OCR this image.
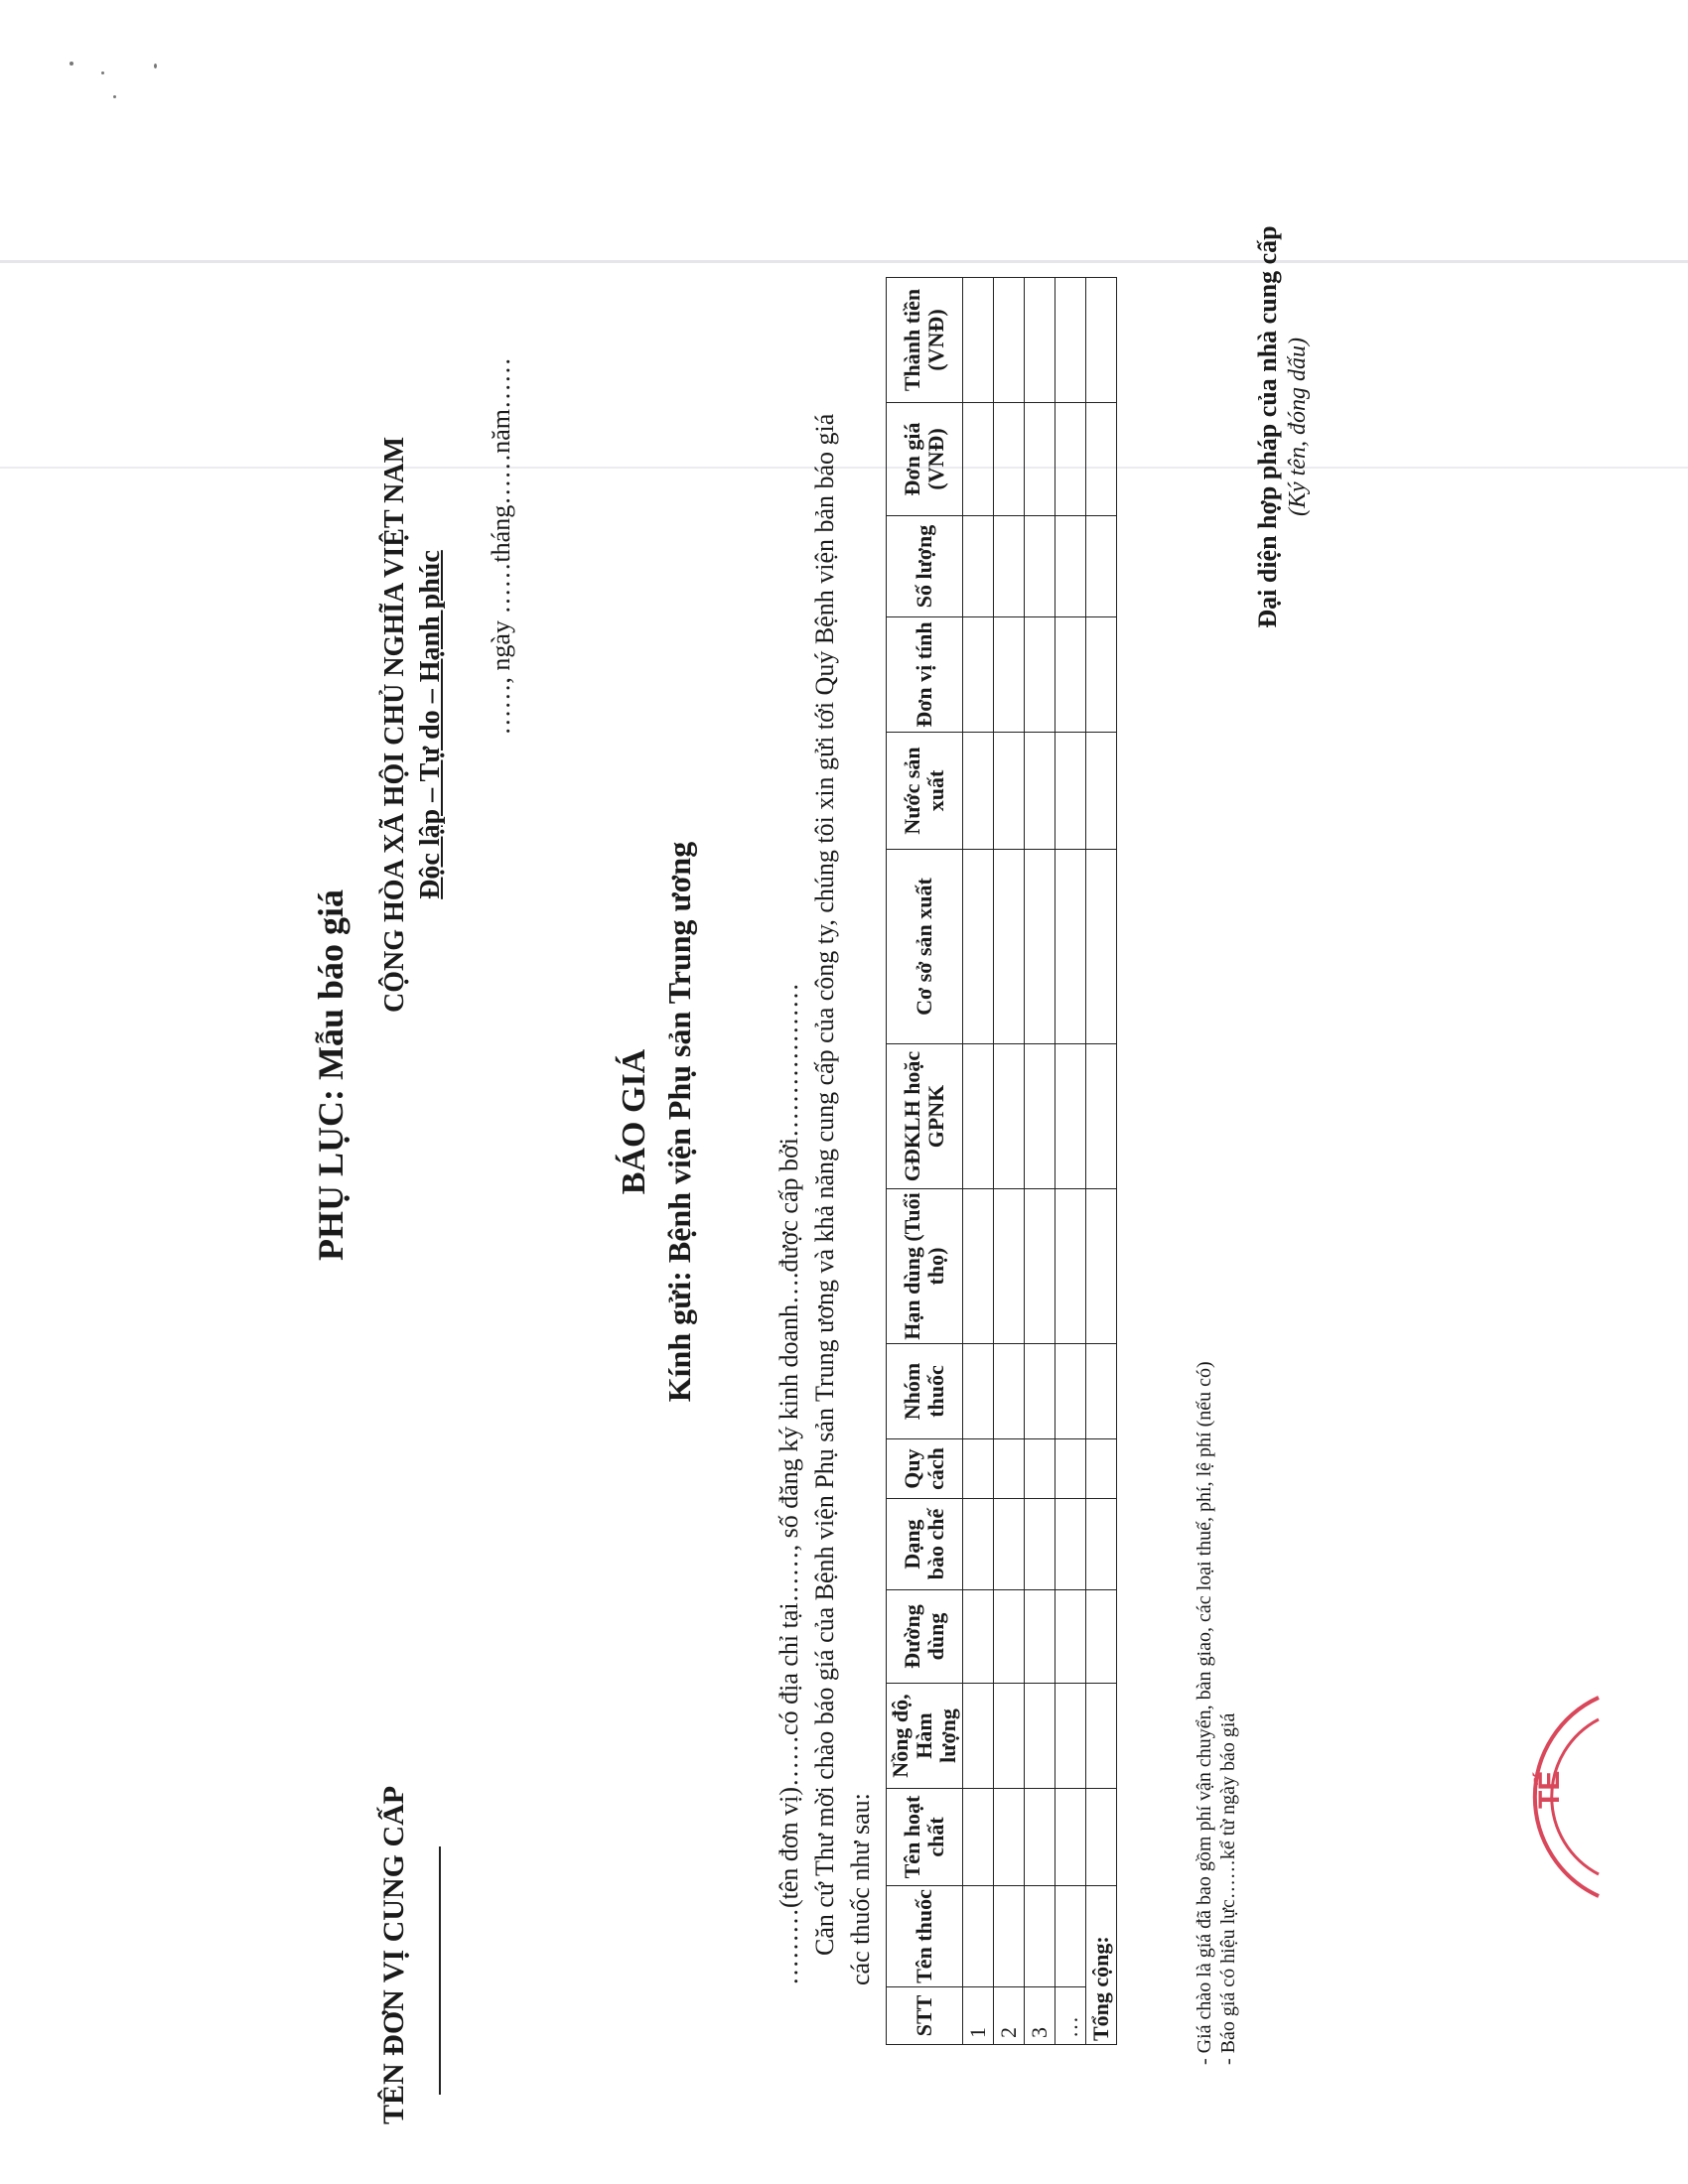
TÊN ĐƠN VỊ CUNG CẤP
PHỤ LỤC: Mẫu báo giá
CỘNG HÒA XÃ HỘI CHỦ NGHĨA VIỆT NAM Độc lập – Tự do – Hạnh phúc ……, ngày ……tháng……năm……
BÁO GIÁ Kính gửi: Bệnh viện Phụ sản Trung ương	………(tên đơn vị)……có địa chỉ tại……, số đăng ký kinh doanh….được cấp bởi……………… Căn cứ Thư mời chào báo giá của Bệnh viện Phụ sản Trung ương và khả năng cung cấp của công ty, chúng tôi xin gửi tới Quý Bệnh viện bản báo giá các thuốc như sau:
STT	Tên thuốc	Tên hoạt chất	Nồng độ, Hàm lượng	Đường dùng	Dạng bào chế	Quy cách	Nhóm thuốc	Hạn dùng (Tuổi thọ)	GĐKLH hoặc GPNK	Cơ sở sản xuất	Nước sản xuất	Đơn vị tính	Số lượng	Đơn giá (VNĐ)	Thành tiền (VNĐ)
1															
2															
3															
…															
Tổng cộng:																- Giá chào là giá đã bao gồm phí vận chuyển, bàn giao, các loại thuế, phí, lệ phí (nếu có) - Báo giá có hiệu lực……kể từ ngày báo giá
Đại diện hợp pháp của nhà cung cấp (Ký tên, đóng dấu)
TẾ
